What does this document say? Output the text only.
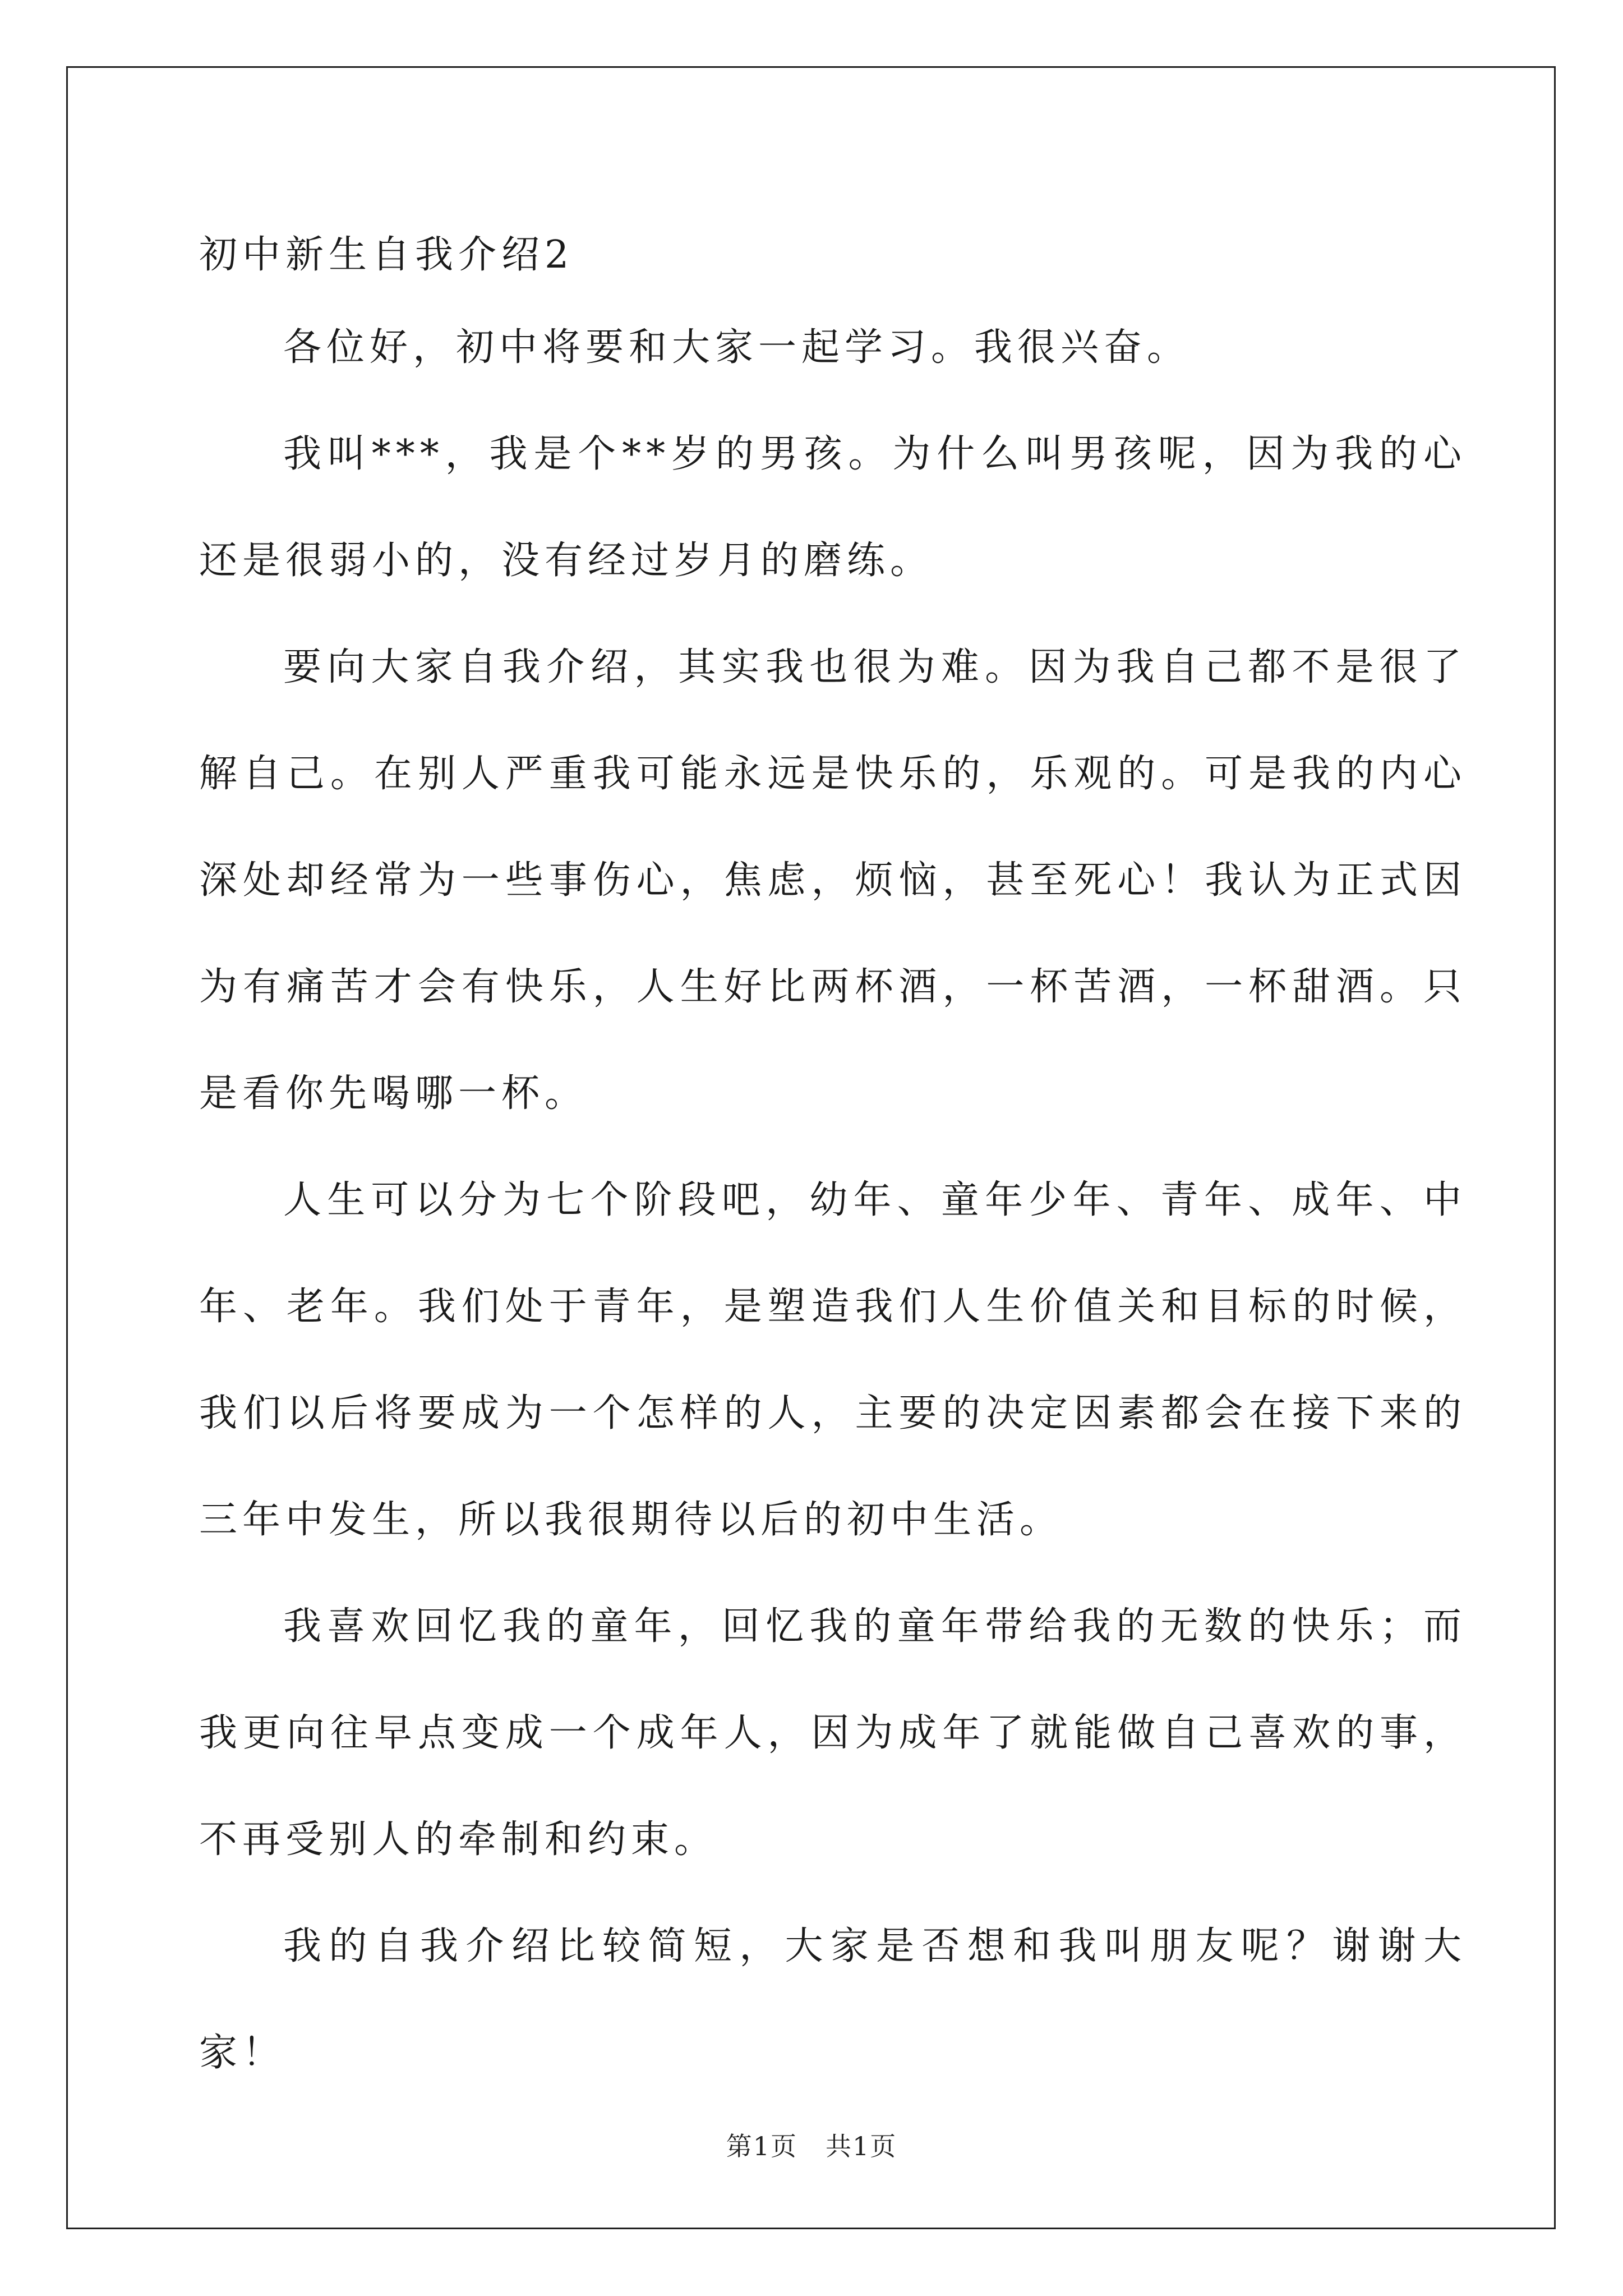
初中新生自我介绍2

各位好，初中将要和大家一起学习。我很兴奋。

我叫***，我是个**岁的男孩。为什么叫男孩呢，因为我的心还是很弱小的，没有经过岁月的磨练。

要向大家自我介绍，其实我也很为难。因为我自己都不是很了解自己。在别人严重我可能永远是快乐的，乐观的。可是我的内心深处却经常为一些事伤心，焦虑，烦恼，甚至死心！我认为正式因为有痛苦才会有快乐，人生好比两杯酒，一杯苦酒，一杯甜酒。只是看你先喝哪一杯。

人生可以分为七个阶段吧，幼年、童年少年、青年、成年、中年、老年。我们处于青年，是塑造我们人生价值关和目标的时候，我们以后将要成为一个怎样的人，主要的决定因素都会在接下来的三年中发生，所以我很期待以后的初中生活。

我喜欢回忆我的童年，回忆我的童年带给我的无数的快乐；而我更向往早点变成一个成年人，因为成年了就能做自己喜欢的事，不再受别人的牵制和约束。

我的自我介绍比较简短，大家是否想和我叫朋友呢？谢谢大家！

第1页 共1页
